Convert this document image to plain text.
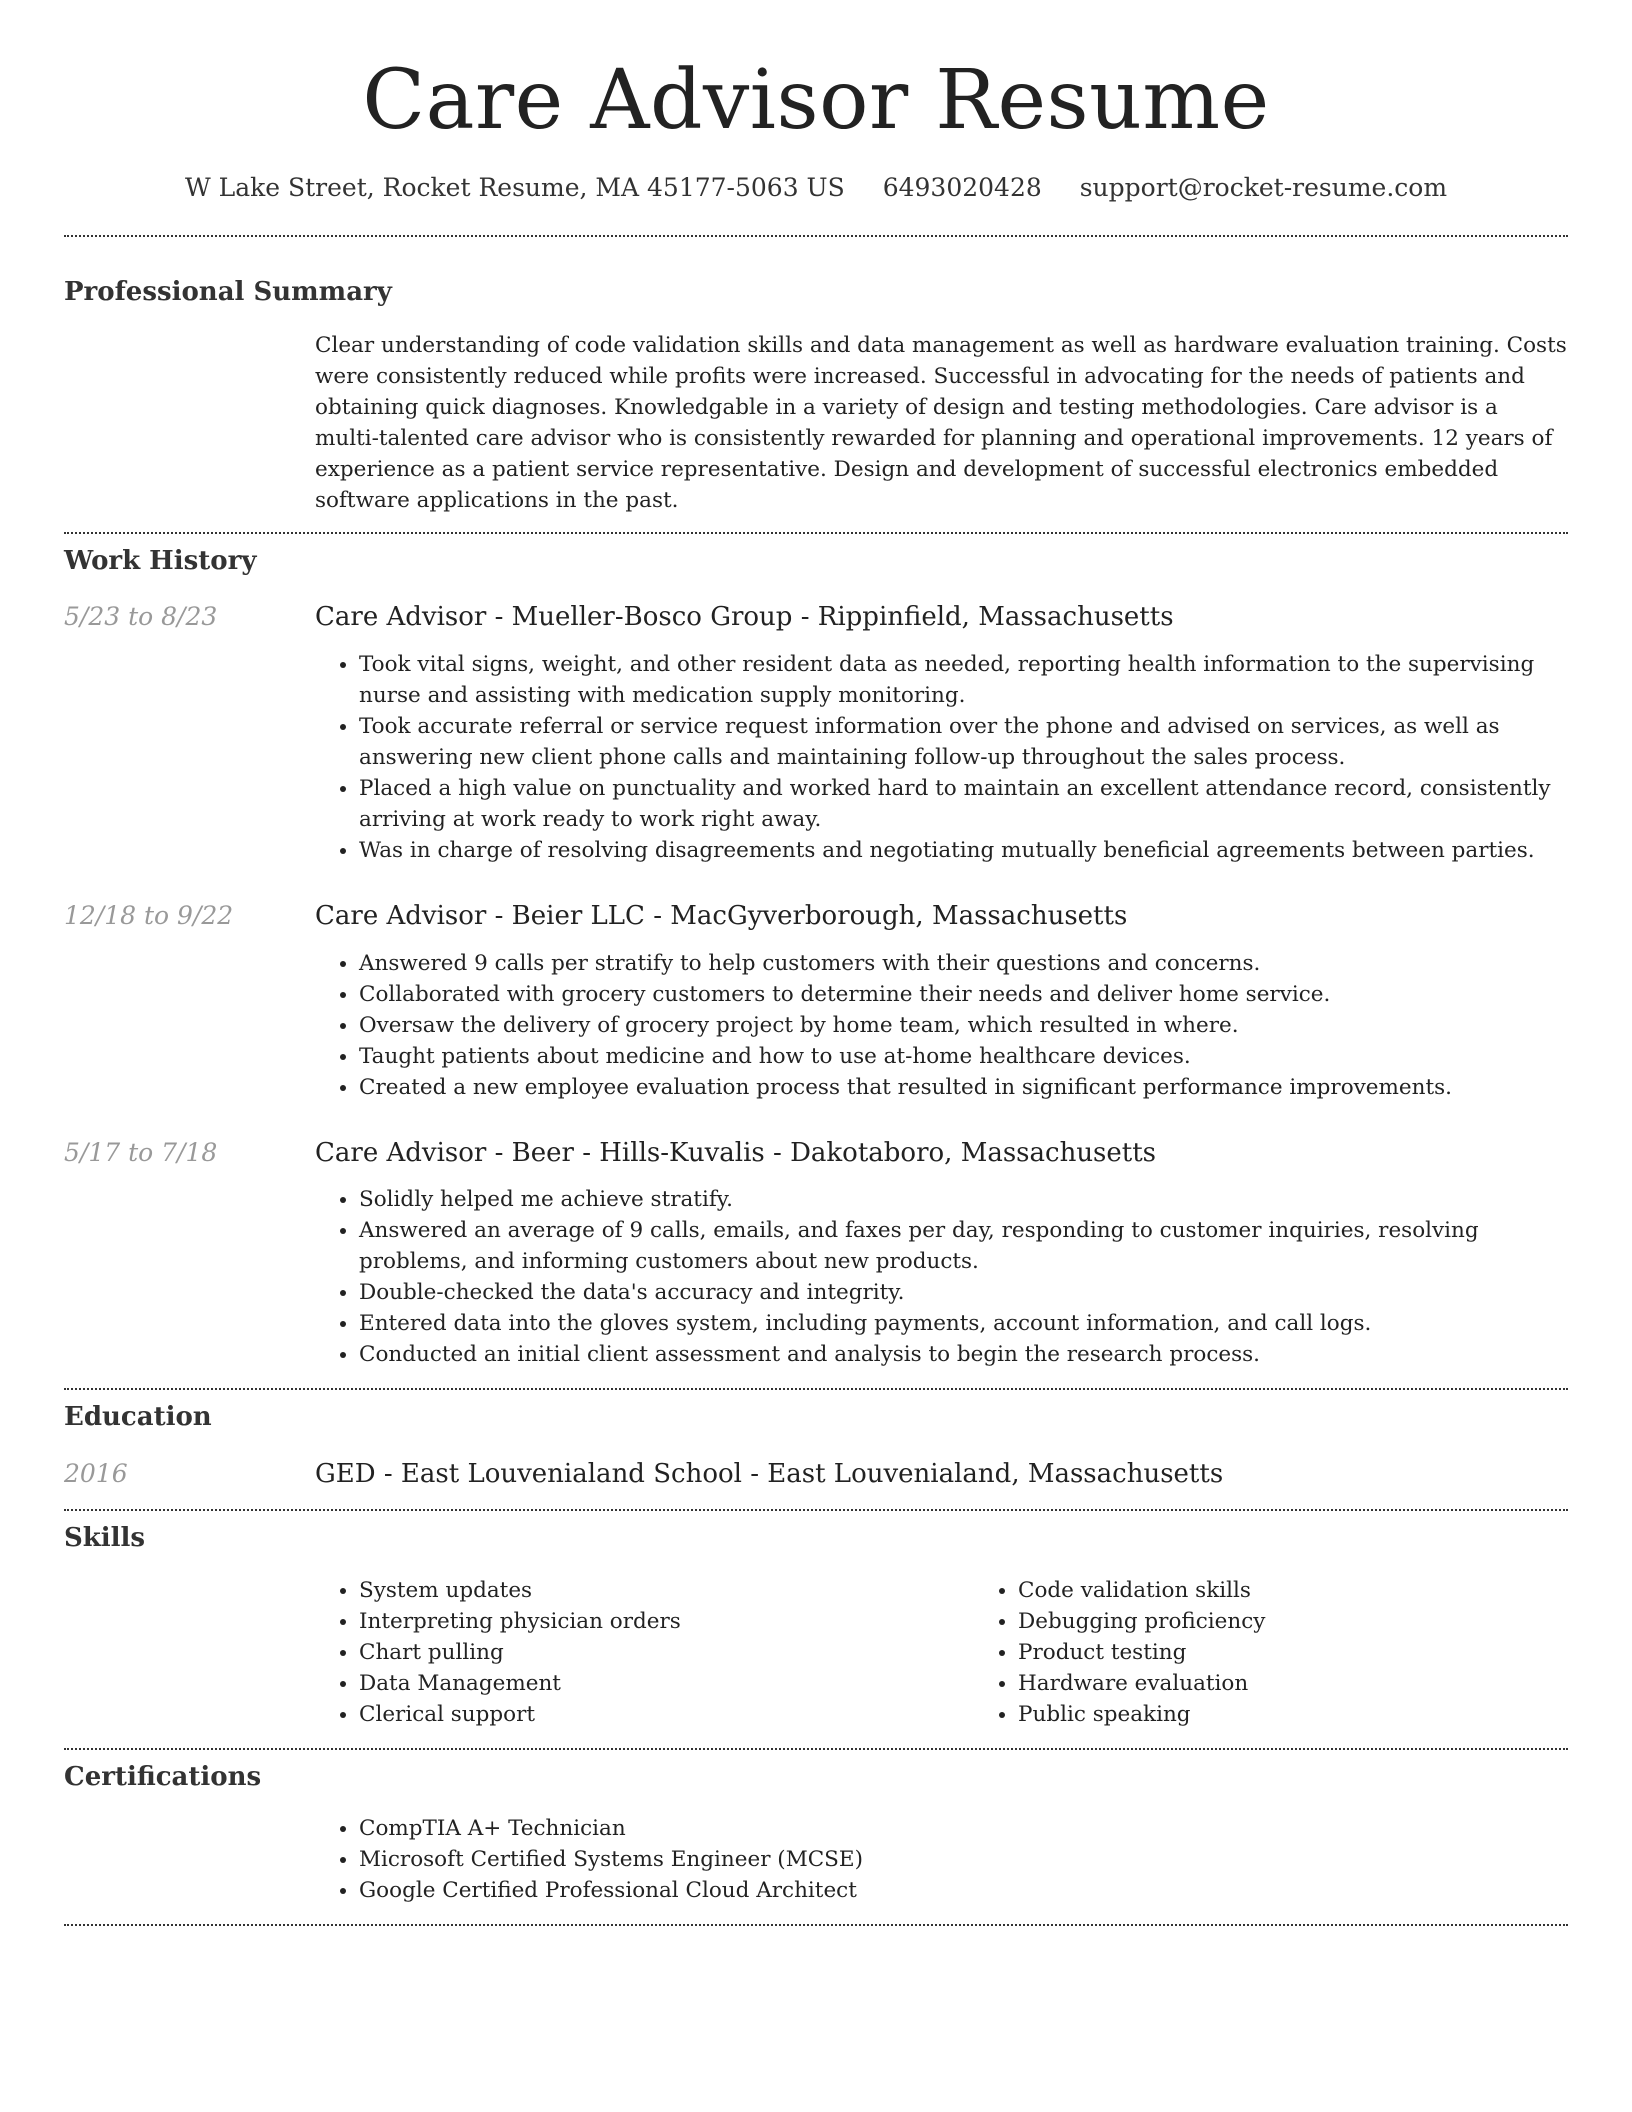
Care Advisor Resume
W Lake Street, Rocket Resume, MA 45177-5063 US 6493020428 support@rocket-resume.com
Professional Summary

Clear understanding of code validation skills and data management as well as hardware evaluation training. Costs were consistently reduced while profits were increased. Successful in advocating for the needs of patients and obtaining quick diagnoses. Knowledgable in a variety of design and testing methodologies. Care advisor is a multi-talented care advisor who is consistently rewarded for planning and operational improvements. 12 years of experience as a patient service representative. Design and development of successful electronics embedded software applications in the past.

Work History
5/23 to 8/23	Care Advisor - Mueller-Bosco Group - Rippinfield, Massachusetts

• Took vital signs, weight, and other resident data as needed, reporting health information to the supervising nurse and assisting with medication supply monitoring.
• Took accurate referral or service request information over the phone and advised on services, as well as answering new client phone calls and maintaining follow-up throughout the sales process.
• Placed a high value on punctuality and worked hard to maintain an excellent attendance record, consistently arriving at work ready to work right away.
• Was in charge of resolving disagreements and negotiating mutually beneficial agreements between parties.
12/18 to 9/22	Care Advisor - Beier LLC - MacGyverborough, Massachusetts

• Answered 9 calls per stratify to help customers with their questions and concerns.
• Collaborated with grocery customers to determine their needs and deliver home service.
• Oversaw the delivery of grocery project by home team, which resulted in where.
• Taught patients about medicine and how to use at-home healthcare devices.
• Created a new employee evaluation process that resulted in significant performance improvements.
5/17 to 7/18	Care Advisor - Beer - Hills-Kuvalis - Dakotaboro, Massachusetts

• Solidly helped me achieve stratify.
• Answered an average of 9 calls, emails, and faxes per day, responding to customer inquiries, resolving problems, and informing customers about new products.
• Double-checked the data's accuracy and integrity.
• Entered data into the gloves system, including payments, account information, and call logs.
• Conducted an initial client assessment and analysis to begin the research process.
Education
2016	GED - East Louvenialand School - East Louvenialand, Massachusetts

Skills
• System updates
• Interpreting physician orders
• Chart pulling
• Data Management
• Clerical support
• Code validation skills
• Debugging proficiency
• Product testing
• Hardware evaluation
• Public speaking
Certifications
• CompTIA A+ Technician
• Microsoft Certified Systems Engineer (MCSE)
• Google Certified Professional Cloud Architect
